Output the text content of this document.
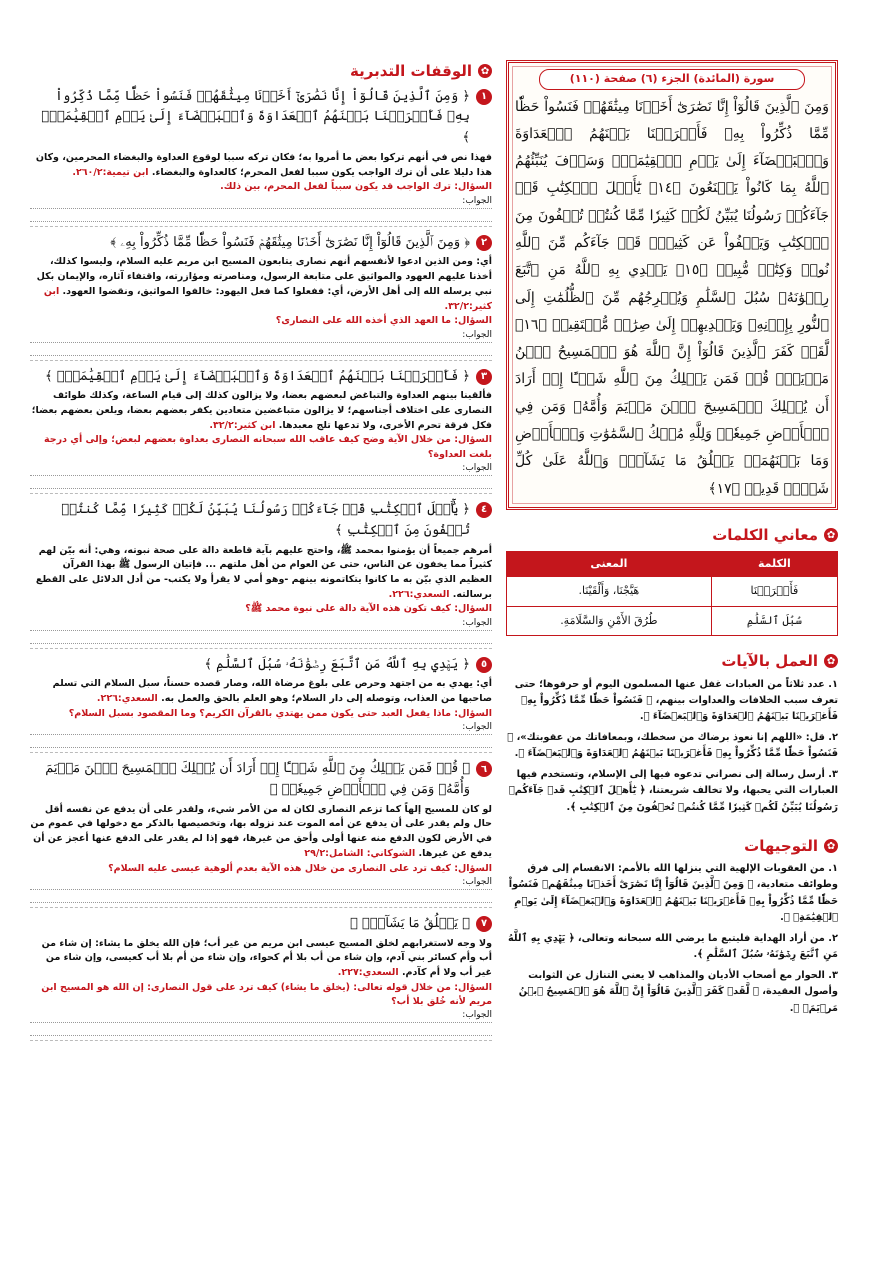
✿
الوقفات التدبرية
١
﴿ وَمِنَ ٱلَّذِينَ قَالُوٓاْ إِنَّا نَصَٰرَىٰٓ أَخَذۡنَا مِيثَٰقَهُمۡ فَنَسُواْ حَظّٗا مِّمَّا ذُكِّرُواْ بِهِۦ فَأَغۡرَيۡنَا بَيۡنَهُمُ ٱلۡعَدَاوَةَ وَٱلۡبَغۡضَآءَ إِلَىٰ يَوۡمِ ٱلۡقِيَٰمَةِۚ ﴾
فهذا نص في أنهم تركوا بعض ما أمروا به؛ فكان تركه سببا لوقوع العداوة والبغضاء المحرمين، وكان هذا دليلا على أن ترك الواجب يكون سببا لفعل المحرم؛ كالعداوة والبغضاء. ابن تيمية:٢٦٠/٢.
السؤال: ترك الواجب قد يكون سبباً لفعل المحرم، بين ذلك.
الجواب:
٢
﴿ وَمِنَ ٱلَّذِينَ قَالُوٓاْ إِنَّا نَصَٰرَىٰٓ أَخَذۡنَا مِيثَٰقَهُمۡ فَنَسُواْ حَظّٗا مِّمَّا ذُكِّرُواْ بِهِۦ ﴾
أي: ومن الذين ادعوا لأنفسهم أنهم نصارى يتابعون المسيح ابن مريم عليه السلام، وليسوا كذلك، أخذنا عليهم العهود والمواثيق على متابعة الرسول، ومناصرته ومؤازرته، واقتفاء آثاره، والإيمان بكل نبي يرسله الله إلى أهل الأرض، أي: ففعلوا كما فعل اليهود: خالفوا المواثيق، ونقضوا العهود. ابن كثير:٣٢/٢.
السؤال: ما العهد الذي أخذه الله على النصارى؟
الجواب:
٣
﴿ فَأَغۡرَيۡنَا بَيۡنَهُمُ ٱلۡعَدَاوَةَ وَٱلۡبَغۡضَآءَ إِلَىٰ يَوۡمِ ٱلۡقِيَٰمَةِۚ ﴾
فألقينا بينهم العداوة والتباغض لبعضهم بعضا، ولا يزالون كذلك إلى قيام الساعة، وكذلك طوائف النصارى على اختلاف أجناسهم؛ لا يزالون متباغضين متعادين يكفر بعضهم بعضا، ويلعن بعضهم بعضا؛ فكل فرقة تحرم الأخرى، ولا تدعها تلج معبدها. ابن كثير:٣٢/٢.
السؤال: من خلال الآية وضح كيف عاقب الله سبحانه النصارى بعداوة بعضهم لبعض؛ وإلى أي درجة بلغت العداوة؟
الجواب:
٤
﴿ يَٰٓأَهۡلَ ٱلۡكِتَٰبِ قَدۡ جَآءَكُمۡ رَسُولُنَا يُبَيِّنُ لَكُمۡ كَثِيرٗا مِّمَّا كُنتُمۡ تُخۡفُونَ مِنَ ٱلۡكِتَٰبِ ﴾
أمرهم جميعاً أن يؤمنوا بمحمد ﷺ، واحتج عليهم بآية قاطعة دالة على صحة نبوته، وهي: أنه بيّن لهم كثيراً مما يخفون عن الناس، حتى عن العوام من أهل ملتهم ... فإتيان الرسول ﷺ بهذا القرآن العظيم الذي بيّن به ما كانوا يتكاتمونه بينهم -وهو أمي لا يقرأ ولا يكتب- من أدل الدلائل على القطع برسالته. السعدي:٢٢٦.
السؤال: كيف تكون هذه الآية دالة على نبوة محمد ﷺ؟
الجواب:
٥
﴿ يَهۡدِي بِهِ ٱللَّهُ مَنِ ٱتَّبَعَ رِضۡوَٰنَهُۥ سُبُلَ ٱلسَّلَٰمِ ﴾
أي: يهدي به من اجتهد وحرص على بلوغ مرضاة الله، وصار قصده حسناً، سبل السلام التي تسلم صاحبها من العذاب، وتوصله إلى دار السلام؛ وهو العلم بالحق والعمل به. السعدي:٢٢٦.
السؤال: ماذا يفعل العبد حتى يكون ممن يهتدي بالقرآن الكريم؟ وما المقصود بسبل السلام؟
الجواب:
٦
﴿ قُلۡ فَمَن يَمۡلِكُ مِنَ ٱللَّهِ شَيۡـًٔا إِنۡ أَرَادَ أَن يُهۡلِكَ ٱلۡمَسِيحَ ٱبۡنَ مَرۡيَمَ وَأُمَّهُۥ وَمَن فِي ٱلۡأَرۡضِ جَمِيعٗاۗ ﴾
لو كان للمسيح إلهاً كما تزعم النصارى لكان له من الأمر شيء، ولقدر على أن يدفع عن نفسه أقل حال ولم يقدر على أن يدفع عن أمه الموت عند نزوله بها، وتخصيصها بالذكر مع دخولها في عموم من في الأرض لكون الدفع منه عنها أولى وأحق من غيرها، فهو إذا لم يقدر على الدفع عنها أعجز عن أن يدفع عن غيرها. الشوكاني: الشامل:٢٩/٢
السؤال: كيف ترد على النصارى من خلال هذه الآية بعدم ألوهية عيسى عليه السلام؟
الجواب:
٧
﴿ يَخۡلُقُ مَا يَشَآءُۚ ﴾
ولا وجه لاستغرابهم لخلق المسيح عيسى ابن مريم من غير أب؛ فإن الله يخلق ما يشاء: إن شاء من أب وأم كسائر بني آدم، وإن شاء من أب بلا أم كحواء، وإن شاء من أم بلا أب كعيسى، وإن شاء من غير أب ولا أم كآدم. السعدي:٢٢٧.
السؤال: من خلال قوله تعالى: (يخلق ما يشاء) كيف ترد على قول النصارى: إن الله هو المسيح ابن مريم لأنه خُلق بلا أب؟
الجواب:
سورة (المائدة) الجزء (٦) صفحة (١١٠)
وَمِنَ ٱلَّذِينَ قَالُوٓاْ إِنَّا نَصَٰرَىٰٓ أَخَذۡنَا مِيثَٰقَهُمۡ فَنَسُواْ حَظّٗا مِّمَّا ذُكِّرُواْ بِهِۦ فَأَغۡرَيۡنَا بَيۡنَهُمُ ٱلۡعَدَاوَةَ وَٱلۡبَغۡضَآءَ إِلَىٰ يَوۡمِ ٱلۡقِيَٰمَةِۚ وَسَوۡفَ يُنَبِّئُهُمُ ٱللَّهُ بِمَا كَانُواْ يَصۡنَعُونَ ﴿١٤﴾ يَٰٓأَهۡلَ ٱلۡكِتَٰبِ قَدۡ جَآءَكُمۡ رَسُولُنَا يُبَيِّنُ لَكُمۡ كَثِيرٗا مِّمَّا كُنتُمۡ تُخۡفُونَ مِنَ ٱلۡكِتَٰبِ وَيَعۡفُواْ عَن كَثِيرٖۚ قَدۡ جَآءَكُم مِّنَ ٱللَّهِ نُورٞ وَكِتَٰبٞ مُّبِينٞ ﴿١٥﴾ يَهۡدِي بِهِ ٱللَّهُ مَنِ ٱتَّبَعَ رِضۡوَٰنَهُۥ سُبُلَ ٱلسَّلَٰمِ وَيُخۡرِجُهُم مِّنَ ٱلظُّلُمَٰتِ إِلَى ٱلنُّورِ بِإِذۡنِهِۦ وَيَهۡدِيهِمۡ إِلَىٰ صِرَٰطٖ مُّسۡتَقِيمٖ ﴿١٦﴾ لَّقَدۡ كَفَرَ ٱلَّذِينَ قَالُوٓاْ إِنَّ ٱللَّهَ هُوَ ٱلۡمَسِيحُ ٱبۡنُ مَرۡيَمَۚ قُلۡ فَمَن يَمۡلِكُ مِنَ ٱللَّهِ شَيۡـًٔا إِنۡ أَرَادَ أَن يُهۡلِكَ ٱلۡمَسِيحَ ٱبۡنَ مَرۡيَمَ وَأُمَّهُۥ وَمَن فِي ٱلۡأَرۡضِ جَمِيعٗاۗ وَلِلَّهِ مُلۡكُ ٱلسَّمَٰوَٰتِ وَٱلۡأَرۡضِ وَمَا بَيۡنَهُمَاۚ يَخۡلُقُ مَا يَشَآءُۚ وَٱللَّهُ عَلَىٰ كُلِّ شَيۡءٖ قَدِيرٞ ﴿١٧﴾
✿
معاني الكلمات
الكلمة	المعنى
فَأَغۡرَيۡنَا	هَيَّجْنَا، وَأَلْقَيْنَا.
سُبُلَ ٱلسَّلَٰمِ	طُرُقَ الأَمْنِ وَالسَّلَامَةِ.
✿
العمل بالآيات
١. عدد ثلاثاً من العبادات غفل عنها المسلمون اليوم أو حرفوها؛ حتى تعرف سبب الخلافات والعداوات بينهم، ﴿ فَنَسُواْ حَظّٗا مِّمَّا ذُكِّرُواْ بِهِۦ فَأَغۡرَيۡنَا بَيۡنَهُمُ ٱلۡعَدَاوَةَ وَٱلۡبَغۡضَآءَ ﴾.
٢. قل: «اللهم إنا نعوذ برضاك من سخطك، وبمعافاتك من عقوبتك»، ﴿ فَنَسُواْ حَظّٗا مِّمَّا ذُكِّرُواْ بِهِۦ فَأَغۡرَيۡنَا بَيۡنَهُمُ ٱلۡعَدَاوَةَ وَٱلۡبَغۡضَآءَ ﴾.
٣. أرسل رسالة إلى نصراني تدعوه فيها إلى الإسلام، وتستخدم فيها العبارات التي يحبها، ولا تخالف شريعتنا، ﴿ يَٰٓأَهۡلَ ٱلۡكِتَٰبِ قَدۡ جَآءَكُمۡ رَسُولُنَا يُبَيِّنُ لَكُمۡ كَثِيرٗا مِّمَّا كُنتُمۡ تُخۡفُونَ مِنَ ٱلۡكِتَٰبِ ﴾.
✿
التوجيهات
١. من العقوبات الإلهية التي ينزلها الله بالأمم: الانقسام إلى فرق وطوائف متعادية، ﴿ وَمِنَ ٱلَّذِينَ قَالُوٓاْ إِنَّا نَصَٰرَىٰٓ أَخَذۡنَا مِيثَٰقَهُمۡ فَنَسُواْ حَظّٗا مِّمَّا ذُكِّرُواْ بِهِۦ فَأَغۡرَيۡنَا بَيۡنَهُمُ ٱلۡعَدَاوَةَ وَٱلۡبَغۡضَآءَ إِلَىٰ يَوۡمِ ٱلۡقِيَٰمَةِۚ ﴾.
٢. من أراد الهداية فليتبع ما يرضي الله سبحانه وتعالى، ﴿ يَهۡدِي بِهِ ٱللَّهُ مَنِ ٱتَّبَعَ رِضۡوَٰنَهُۥ سُبُلَ ٱلسَّلَٰمِ ﴾.
٣. الحوار مع أصحاب الأديان والمذاهب لا يعني التنازل عن الثوابت وأصول العقيدة، ﴿ لَّقَدۡ كَفَرَ ٱلَّذِينَ قَالُوٓاْ إِنَّ ٱللَّهَ هُوَ ٱلۡمَسِيحُ ٱبۡنُ مَرۡيَمَۚ ﴾.
